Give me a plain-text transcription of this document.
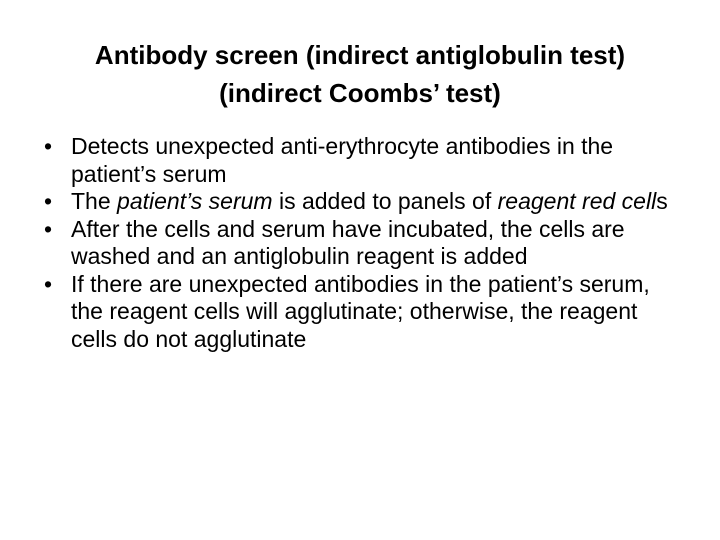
Antibody screen (indirect antiglobulin test)
(indirect Coombs’ test)
• Detects unexpected anti-erythrocyte antibodies in the patient’s serum
• The patient’s serum is added to panels of reagent red cells
• After the cells and serum have incubated, the cells are washed and an antiglobulin reagent is added
• If there are unexpected antibodies in the patient’s serum, the reagent cells will agglutinate; otherwise, the reagent cells do not agglutinate
